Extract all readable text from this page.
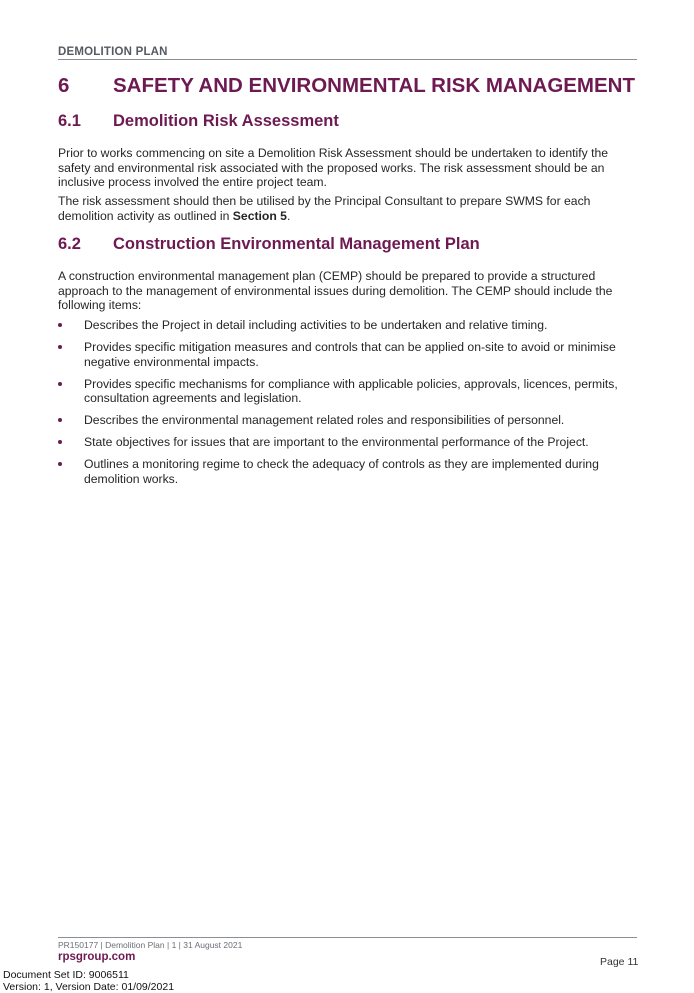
DEMOLITION PLAN
6 SAFETY AND ENVIRONMENTAL RISK MANAGEMENT
6.1 Demolition Risk Assessment

Prior to works commencing on site a Demolition Risk Assessment should be undertaken to identify the safety and environmental risk associated with the proposed works. The risk assessment should be an inclusive process involved the entire project team.

The risk assessment should then be utilised by the Principal Consultant to prepare SWMS for each demolition activity as outlined in Section 5.

6.2 Construction Environmental Management Plan

A construction environmental management plan (CEMP) should be prepared to provide a structured approach to the management of environmental issues during demolition. The CEMP should include the following items:

Describes the Project in detail including activities to be undertaken and relative timing.
Provides specific mitigation measures and controls that can be applied on-site to avoid or minimise negative environmental impacts.
Provides specific mechanisms for compliance with applicable policies, approvals, licences, permits, consultation agreements and legislation.
Describes the environmental management related roles and responsibilities of personnel.
State objectives for issues that are important to the environmental performance of the Project.
Outlines a monitoring regime to check the adequacy of controls as they are implemented during demolition works.
PR150177 | Demolition Plan | 1 | 31 August 2021
rpsgroup.com	Page 11
Document Set ID: 9006511
Version: 1, Version Date: 01/09/2021
